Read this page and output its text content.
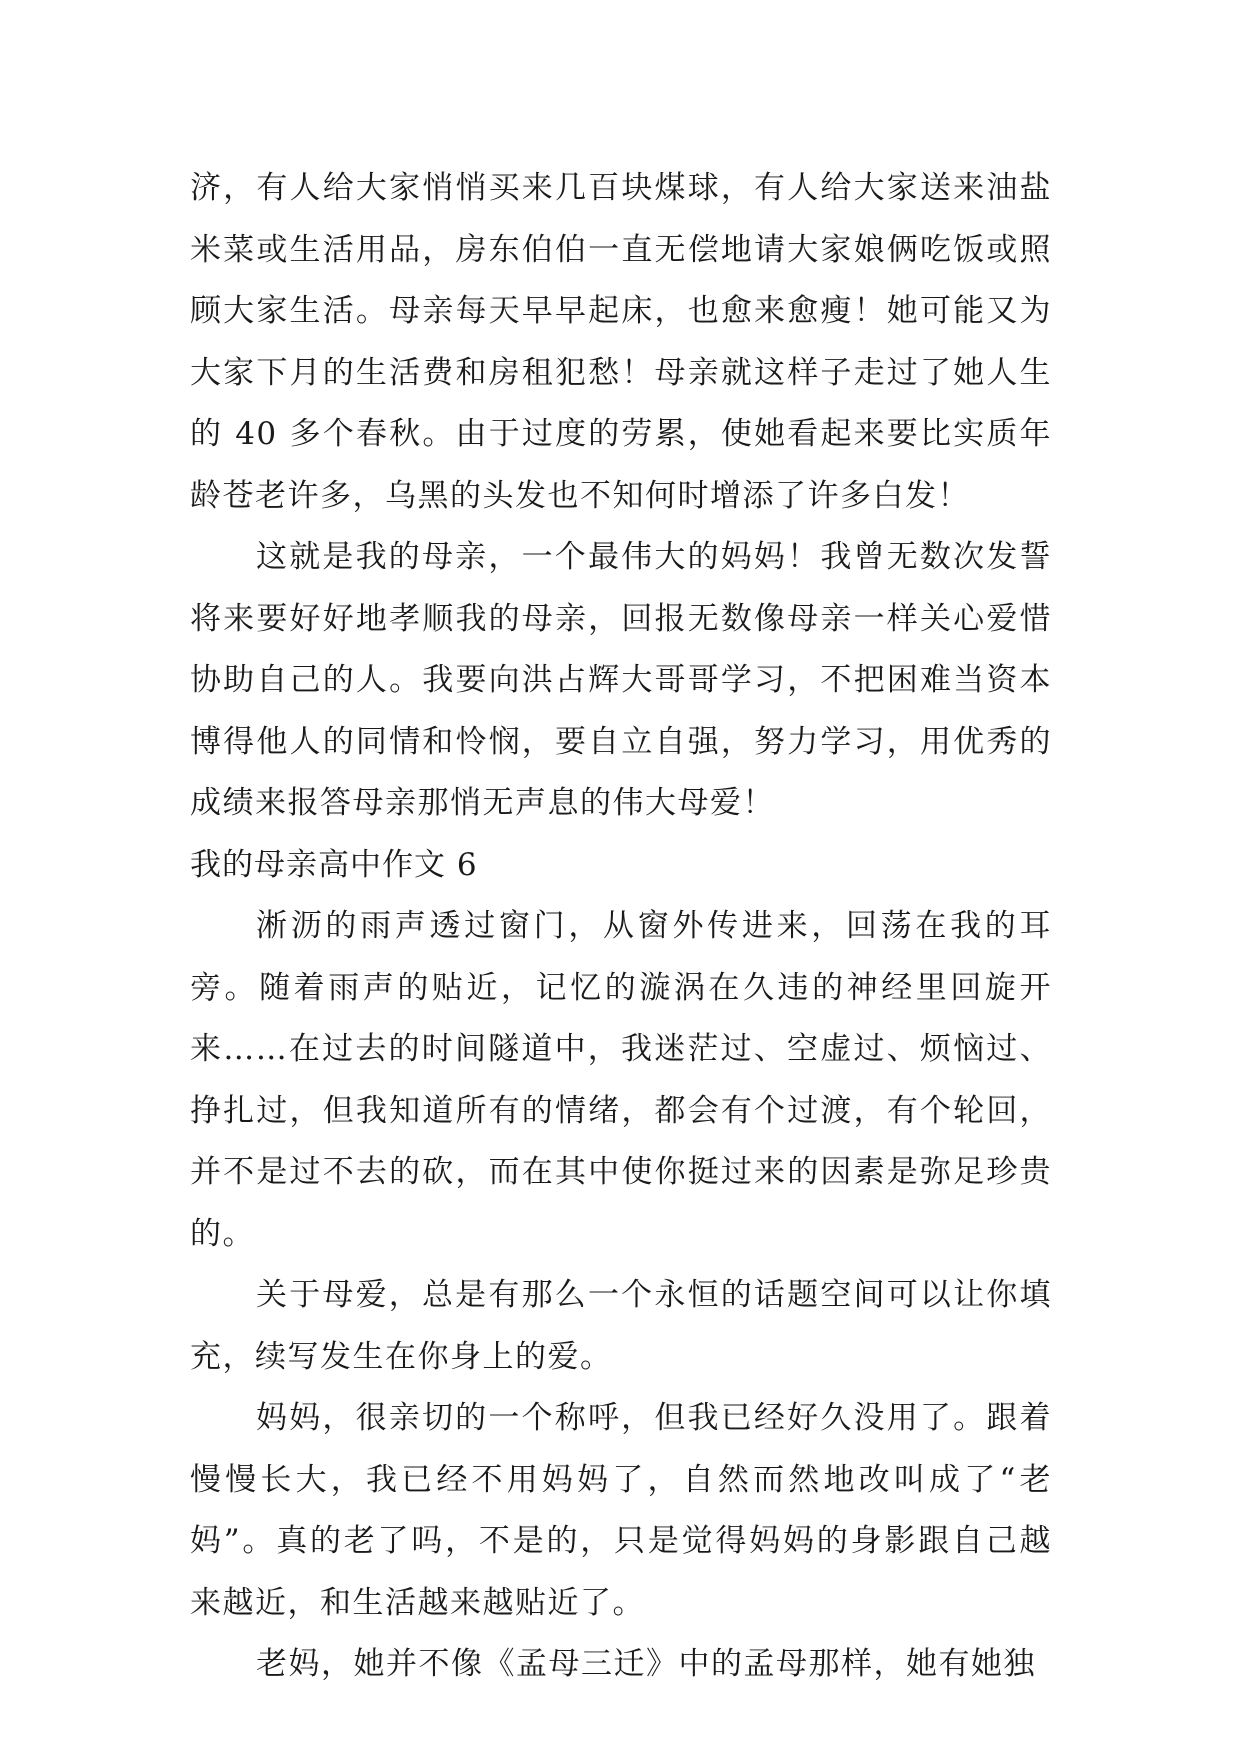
济，有人给大家悄悄买来几百块煤球，有人给大家送来油盐米菜或生活用品，房东伯伯一直无偿地请大家娘俩吃饭或照顾大家生活。母亲每天早早起床，也愈来愈瘦！她可能又为大家下月的生活费和房租犯愁！母亲就这样子走过了她人生的 40 多个春秋。由于过度的劳累，使她看起来要比实质年龄苍老许多，乌黑的头发也不知何时增添了许多白发！

这就是我的母亲，一个最伟大的妈妈！我曾无数次发誓将来要好好地孝顺我的母亲，回报无数像母亲一样关心爱惜协助自己的人。我要向洪占辉大哥哥学习，不把困难当资本博得他人的同情和怜悯，要自立自强，努力学习，用优秀的成绩来报答母亲那悄无声息的伟大母爱！

我的母亲高中作文 6

淅沥的雨声透过窗门，从窗外传进来，回荡在我的耳旁。随着雨声的贴近，记忆的漩涡在久违的神经里回旋开来……在过去的时间隧道中，我迷茫过、空虚过、烦恼过、挣扎过，但我知道所有的情绪，都会有个过渡，有个轮回，并不是过不去的砍，而在其中使你挺过来的因素是弥足珍贵的。

关于母爱，总是有那么一个永恒的话题空间可以让你填充，续写发生在你身上的爱。

妈妈，很亲切的一个称呼，但我已经好久没用了。跟着慢慢长大，我已经不用妈妈了，自然而然地改叫成了“老妈”。真的老了吗，不是的，只是觉得妈妈的身影跟自己越来越近，和生活越来越贴近了。

老妈，她并不像《孟母三迁》中的孟母那样，她有她独
